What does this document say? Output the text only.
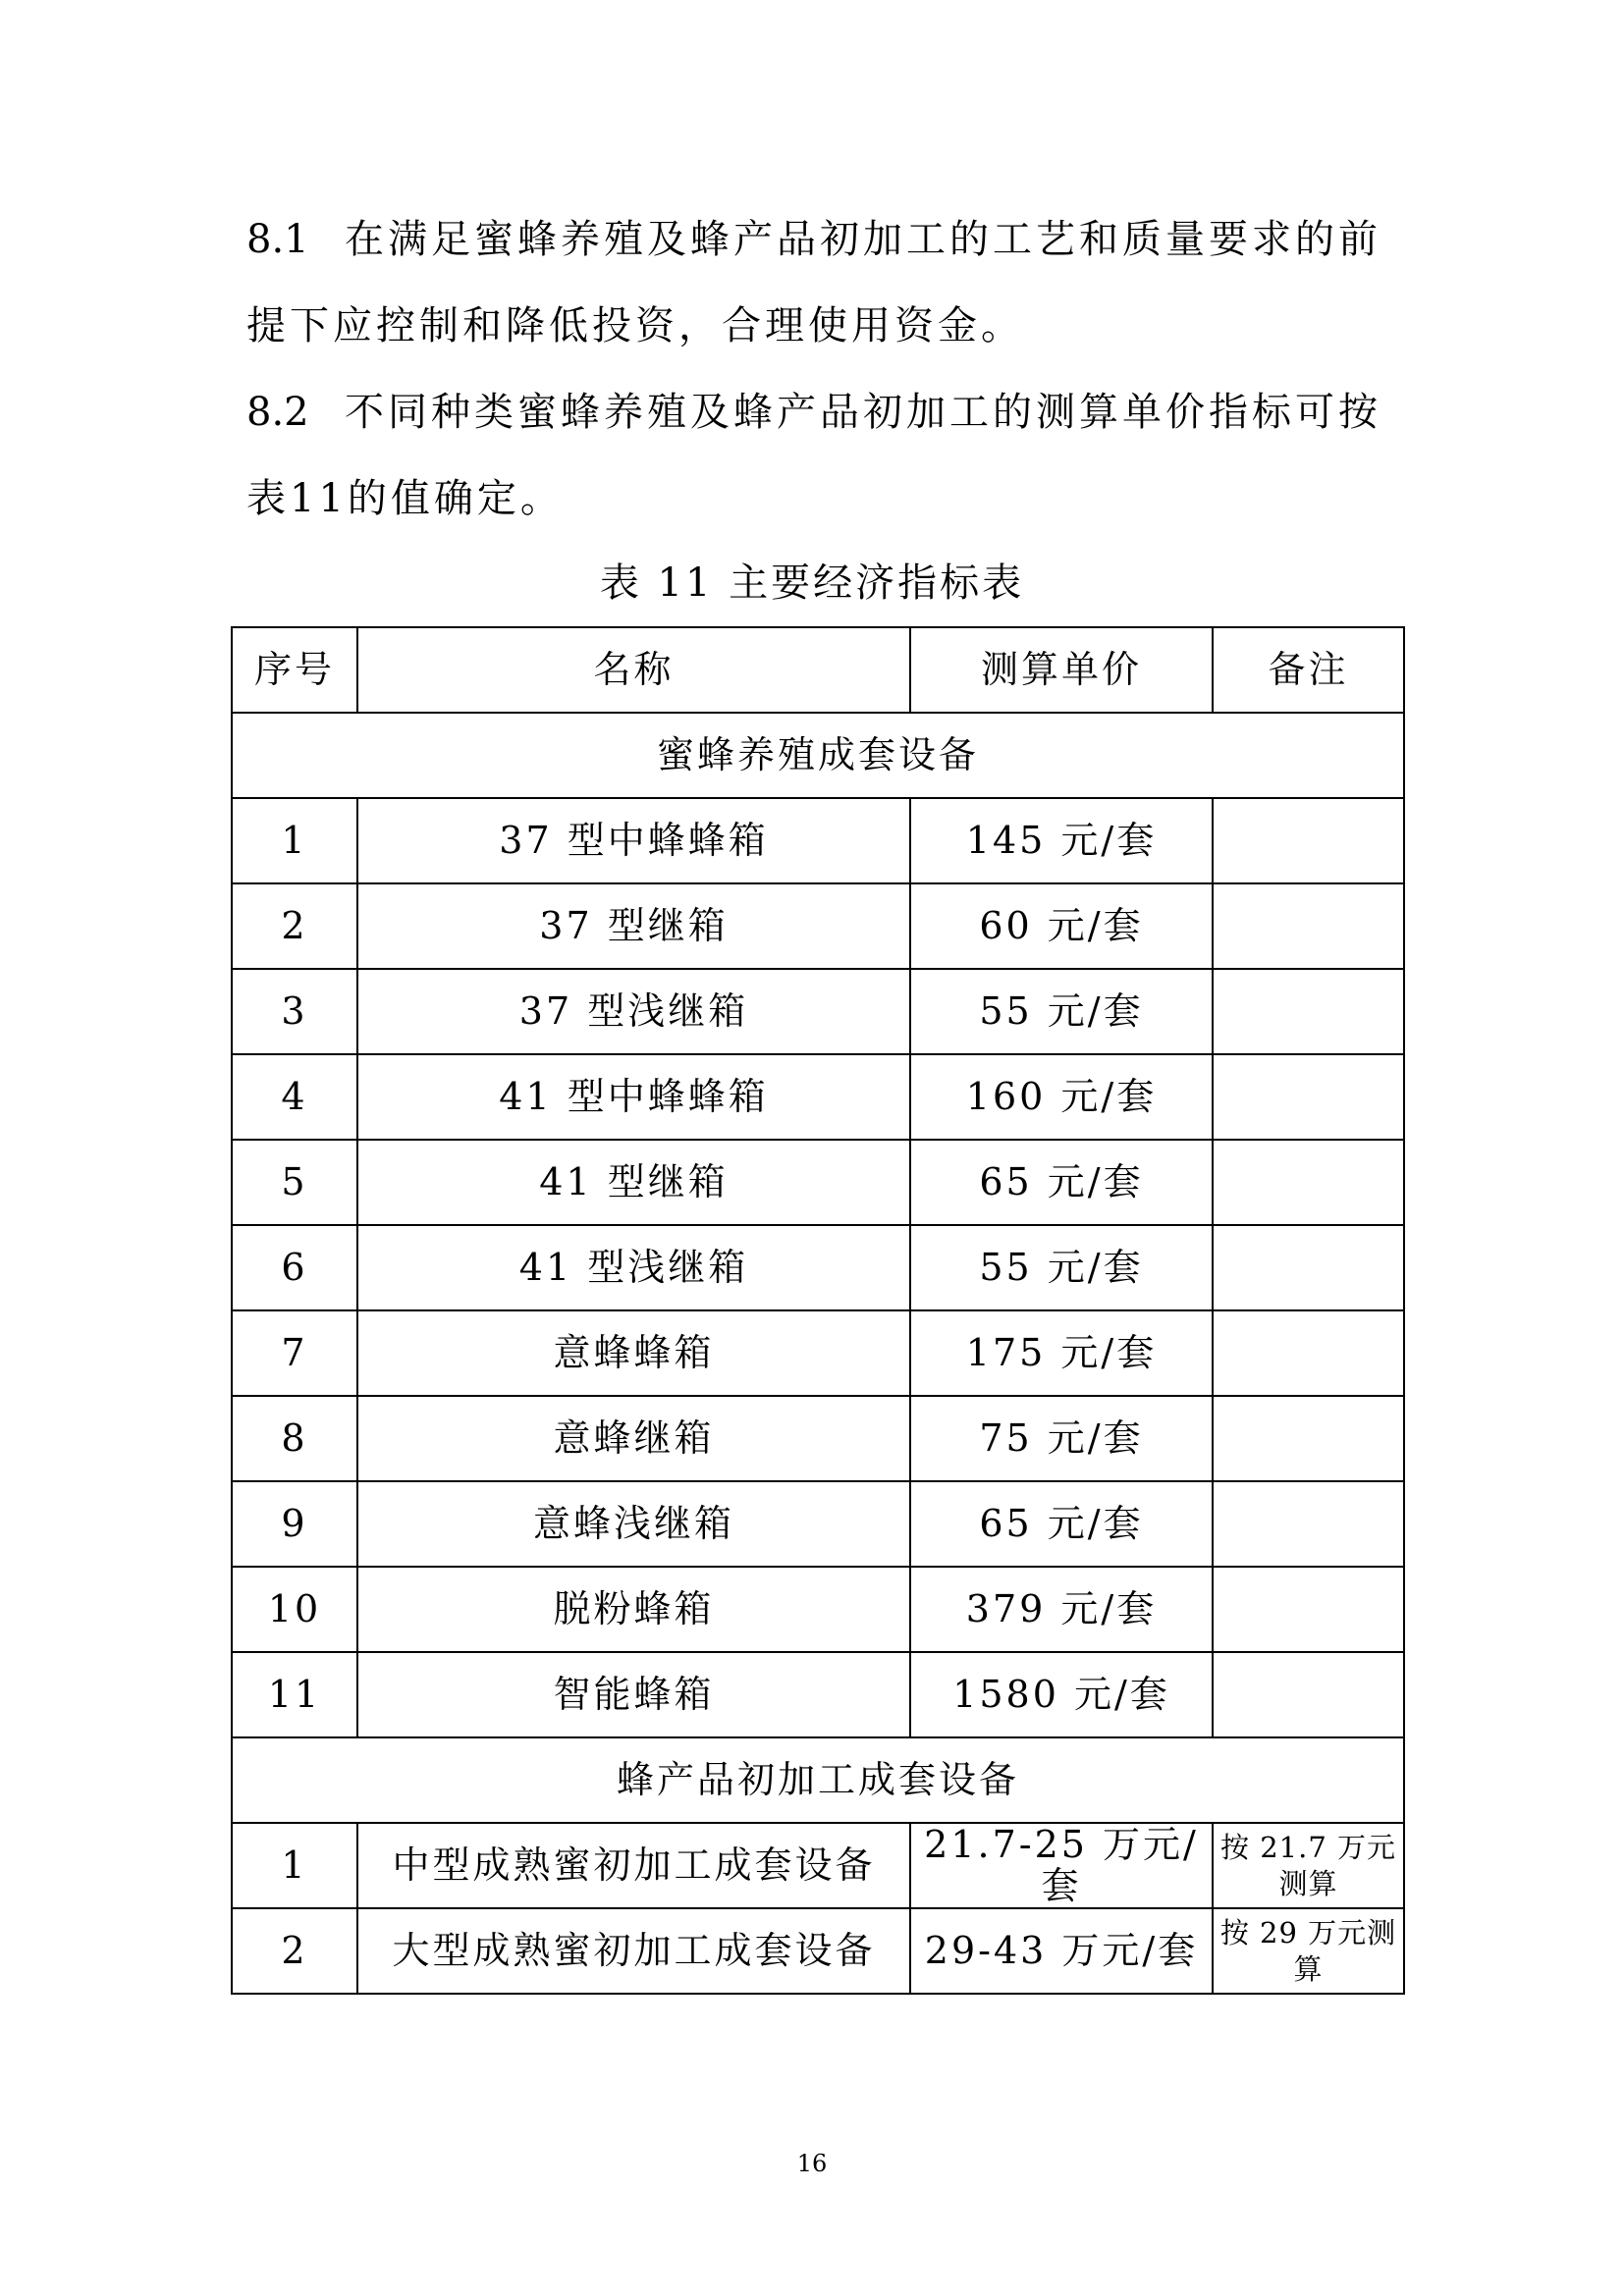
8.1 在满足蜜蜂养殖及蜂产品初加工的工艺和质量要求的前提下应控制和降低投资，合理使用资金。

8.2 不同种类蜜蜂养殖及蜂产品初加工的测算单价指标可按表11的值确定。

表 11 主要经济指标表
序号	名称	测算单价	备注
蜜蜂养殖成套设备			
1	37 型中蜂蜂箱	145 元/套	
2	37 型继箱	60 元/套	
3	37 型浅继箱	55 元/套	
4	41 型中蜂蜂箱	160 元/套	
5	41 型继箱	65 元/套	
6	41 型浅继箱	55 元/套	
7	意蜂蜂箱	175 元/套	
8	意蜂继箱	75 元/套	
9	意蜂浅继箱	65 元/套	
10	脱粉蜂箱	379 元/套	
11	智能蜂箱	1580 元/套	
蜂产品初加工成套设备			
1	中型成熟蜜初加工成套设备	21.7-25 万元/套	按 21.7 万元测算
2	大型成熟蜜初加工成套设备	29-43 万元/套	按 29 万元测算
16
